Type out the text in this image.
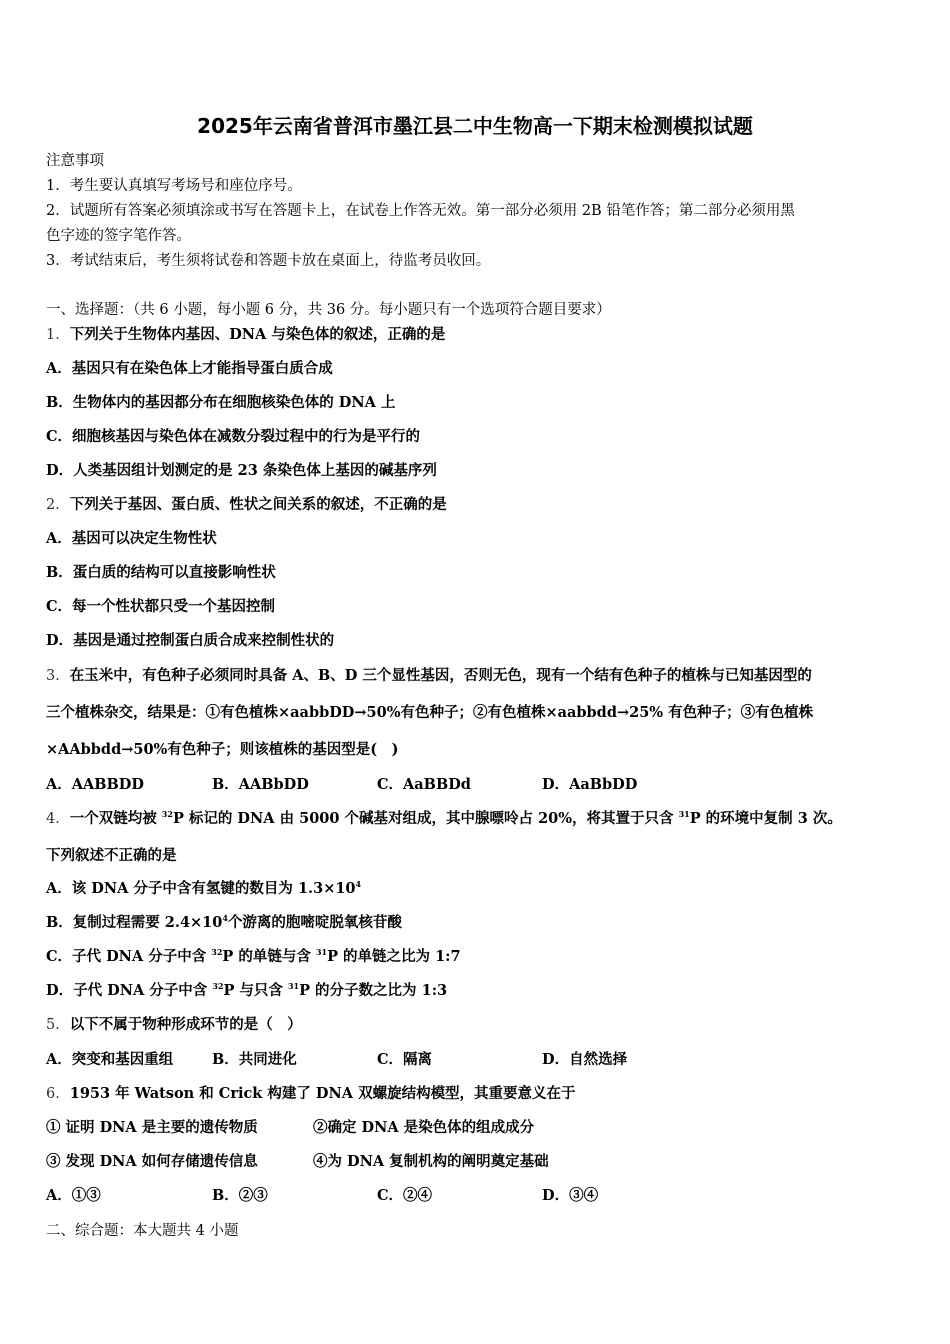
2025年云南省普洱市墨江县二中生物高一下期末检测模拟试题
注意事项
1．考生要认真填写考场号和座位序号。
2．试题所有答案必须填涂或书写在答题卡上，在试卷上作答无效。第一部分必须用 2B 铅笔作答；第二部分必须用黑
色字迹的签字笔作答。
3．考试结束后，考生须将试卷和答题卡放在桌面上，待监考员收回。
一、选择题：（共 6 小题，每小题 6 分，共 36 分。每小题只有一个选项符合题目要求）
1．下列关于生物体内基因、DNA 与染色体的叙述，正确的是
A．基因只有在染色体上才能指导蛋白质合成
B．生物体内的基因都分布在细胞核染色体的 DNA 上
C．细胞核基因与染色体在减数分裂过程中的行为是平行的
D．人类基因组计划测定的是 23 条染色体上基因的碱基序列
2．下列关于基因、蛋白质、性状之间关系的叙述，不正确的是
A．基因可以决定生物性状
B．蛋白质的结构可以直接影响性状
C．每一个性状都只受一个基因控制
D．基因是通过控制蛋白质合成来控制性状的
3．在玉米中，有色种子必须同时具备 A、B、D 三个显性基因，否则无色，现有一个结有色种子的植株与已知基因型的
三个植株杂交，结果是：①有色植株×aabbDD→50%有色种子；②有色植株×aabbdd→25% 有色种子；③有色植株
×AAbbdd→50%有色种子；则该植株的基因型是(　)
A．AABBDD	B．AABbDD	C．AaBBDd	D．AaBbDD
4．一个双链均被 $^{32}$P 标记的 DNA 由 5000 个碱基对组成，其中腺嘌呤占 20%，将其置于只含 $^{31}$P 的环境中复制 3 次。
下列叙述不正确的是
A．该 DNA 分子中含有氢键的数目为 $1.3\times 10^4$
B．复制过程需要 $2.4\times 10^4$个游离的胞嘧啶脱氧核苷酸
C．子代 DNA 分子中含 $^{32}$P 的单链与含 $^{31}$P 的单链之比为 1:7
D．子代 DNA 分子中含 $^{32}$P 与只含 $^{31}$P 的分子数之比为 1:3
5．以下不属于物种形成环节的是（　）
A．突变和基因重组	B．共同进化	C．隔离	D．自然选择
6．1953 年 Watson 和 Crick 构建了 DNA 双螺旋结构模型，其重要意义在于
① 证明 DNA 是主要的遗传物质	②确定 DNA 是染色体的组成成分
③ 发现 DNA 如何存储遗传信息	④为 DNA 复制机构的阐明奠定基础
A．①③	B．②③	C．②④	D．③④
二、综合题：本大题共 4 小题
